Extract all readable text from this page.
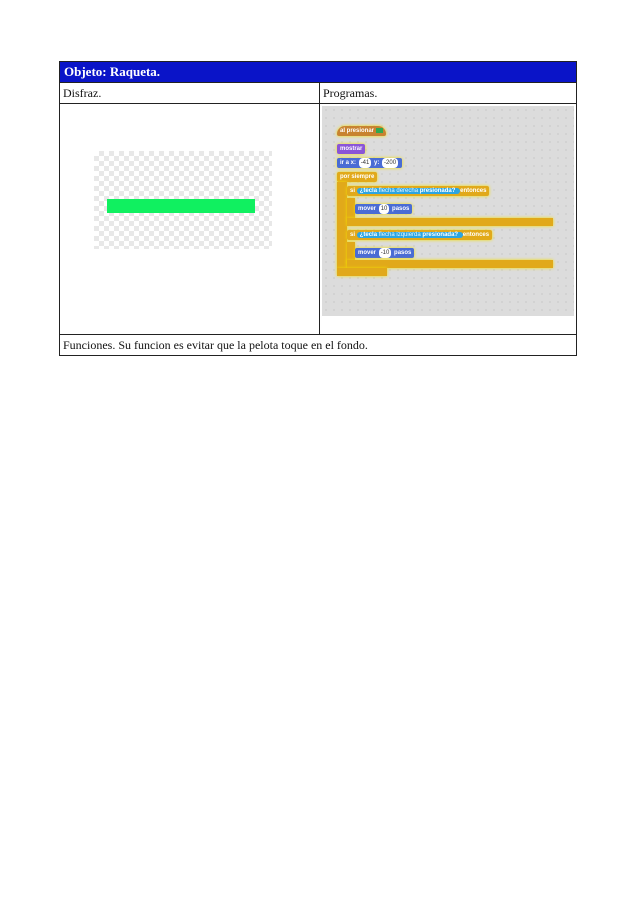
Objeto: Raqueta.
Disfraz.	Programas.
al presionar
mostrar
ir a x: -41 y: -200
por siempre
si ¿tecla flecha derecha presionada? entonces
mover 10 pasos
si ¿tecla flecha izquierda presionada? entonces
mover -10 pasos
Funciones. Su funcion es evitar que la pelota toque en el fondo.
